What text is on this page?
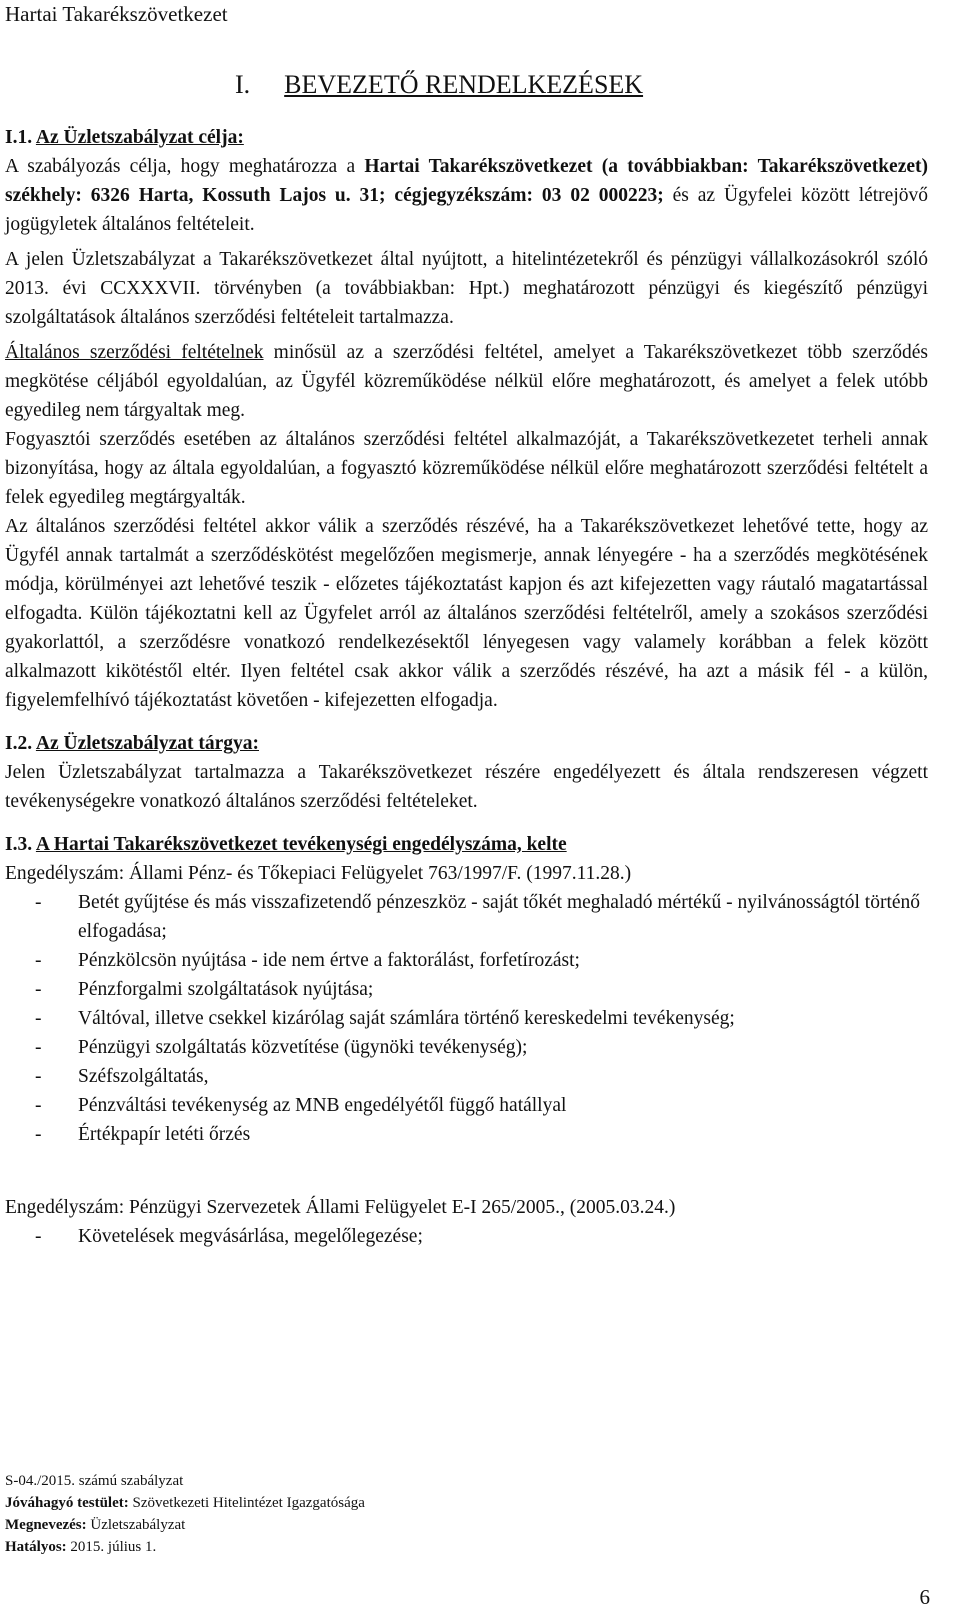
Hartai Takarékszövetkezet
I. BEVEZETŐ RENDELKEZÉSEK
I.1. Az Üzletszabályzat célja:

A szabályozás célja, hogy meghatározza a Hartai Takarékszövetkezet (a továbbiakban: Takarékszövetkezet) székhely: 6326 Harta, Kossuth Lajos u. 31; cégjegyzékszám: 03 02 000223; és az Ügyfelei között létrejövő jogügyletek általános feltételeit.

A jelen Üzletszabályzat a Takarékszövetkezet által nyújtott, a hitelintézetekről és pénzügyi vállalkozásokról szóló 2013. évi CCXXXVII. törvényben (a továbbiakban: Hpt.) meghatározott pénzügyi és kiegészítő pénzügyi szolgáltatások általános szerződési feltételeit tartalmazza.

Általános szerződési feltételnek minősül az a szerződési feltétel, amelyet a Takarékszövetkezet több szerződés megkötése céljából egyoldalúan, az Ügyfél közreműködése nélkül előre meghatározott, és amelyet a felek utóbb egyedileg nem tárgyaltak meg.

Fogyasztói szerződés esetében az általános szerződési feltétel alkalmazóját, a Takarékszövetkezetet terheli annak bizonyítása, hogy az általa egyoldalúan, a fogyasztó közreműködése nélkül előre meghatározott szerződési feltételt a felek egyedileg megtárgyalták.

Az általános szerződési feltétel akkor válik a szerződés részévé, ha a Takarékszövetkezet lehetővé tette, hogy az Ügyfél annak tartalmát a szerződéskötést megelőzően megismerje, annak lényegére - ha a szerződés megkötésének módja, körülményei azt lehetővé teszik - előzetes tájékoztatást kapjon és azt kifejezetten vagy ráutaló magatartással elfogadta. Külön tájékoztatni kell az Ügyfelet arról az általános szerződési feltételről, amely a szokásos szerződési gyakorlattól, a szerződésre vonatkozó rendelkezésektől lényegesen vagy valamely korábban a felek között alkalmazott kikötéstől eltér. Ilyen feltétel csak akkor válik a szerződés részévé, ha azt a másik fél - a külön, figyelemfelhívó tájékoztatást követően - kifejezetten elfogadja.

I.2. Az Üzletszabályzat tárgya:

Jelen Üzletszabályzat tartalmazza a Takarékszövetkezet részére engedélyezett és általa rendszeresen végzett tevékenységekre vonatkozó általános szerződési feltételeket.

I.3. A Hartai Takarékszövetkezet tevékenységi engedélyszáma, kelte

Engedélyszám: Állami Pénz- és Tőkepiaci Felügyelet 763/1997/F. (1997.11.28.)

- Betét gyűjtése és más visszafizetendő pénzeszköz - saját tőkét meghaladó mértékű - nyilvánosságtól történő elfogadása;
- Pénzkölcsön nyújtása - ide nem értve a faktorálást, forfetírozást;
- Pénzforgalmi szolgáltatások nyújtása;
- Váltóval, illetve csekkel kizárólag saját számlára történő kereskedelmi tevékenység;
- Pénzügyi szolgáltatás közvetítése (ügynöki tevékenység);
- Széfszolgáltatás,
- Pénzváltási tevékenység az MNB engedélyétől függő hatállyal
- Értékpapír letéti őrzés

Engedélyszám: Pénzügyi Szervezetek Állami Felügyelet E-I 265/2005., (2005.03.24.)

- Követelések megvásárlása, megelőlegezése;
S-04./2015. számú szabályzat
Jóváhagyó testület: Szövetkezeti Hitelintézet Igazgatósága
Megnevezés: Üzletszabályzat
Hatályos: 2015. július 1.
6
